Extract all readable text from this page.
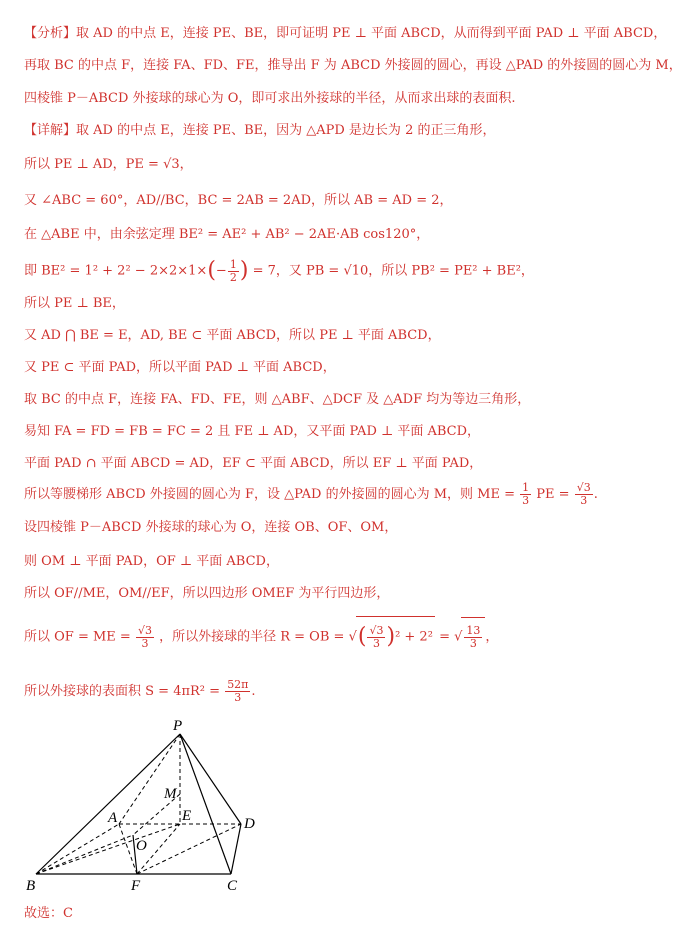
【分析】取 AD 的中点 E，连接 PE、BE，即可证明 PE ⊥ 平面 ABCD，从而得到平面 PAD ⊥ 平面 ABCD，
再取 BC 的中点 F，连接 FA、FD、FE，推导出 F 为 ABCD 外接圆的圆心，再设 △PAD 的外接圆的圆心为 M，
四棱锥 P－ABCD 外接球的球心为 O，即可求出外接球的半径，从而求出球的表面积.
【详解】取 AD 的中点 E，连接 PE、BE，因为 △APD 是边长为 2 的正三角形，
所以 PE ⊥ AD，PE = √3，
又 ∠ABC = 60°，AD//BC，BC = 2AB = 2AD，所以 AB = AD = 2，
在 △ABE 中，由余弦定理 BE² = AE² + AB² − 2AE·AB cos120°，
即 $BE^2 = 1^2 + 2^2 - 2\times 2\times 1\times(- \frac{1}{2}$ ) = 7，又 PB = √10，所以 PB² = PE² + BE²，
所以 PE ⊥ BE，
又 AD ⋂ BE = E，AD, BE ⊂ 平面 ABCD，所以 PE ⊥ 平面 ABCD，
又 PE ⊂ 平面 PAD，所以平面 PAD ⊥ 平面 ABCD，
取 BC 的中点 F，连接 FA、FD、FE，则 △ABF、△DCF 及 △ADF 均为等边三角形，
易知 FA = FD = FB = FC = 2 且 FE ⊥ AD，又平面 PAD ⊥ 平面 ABCD，
平面 PAD ∩ 平面 ABCD = AD，EF ⊂ 平面 ABCD，所以 EF ⊥ 平面 PAD，
所以等腰梯形 ABCD 外接圆的圆心为 F，设 △PAD 的外接圆的圆心为 M，则 ME = $\frac{1}{3}$ PE = $\frac{√3}{3}$ .
设四棱锥 P－ABCD 外接球的球心为 O，连接 OB、OF、OM，
则 OM ⊥ 平面 PAD，OF ⊥ 平面 ABCD，
所以 OF//ME，OM//EF，所以四边形 OMEF 为平行四边形，
所以 OF = ME = $\frac{√3}{3}$ ，所以外接球的半径 R = OB = √( $\frac{√3}{3} )^2 + 2^2$ = √ $\frac{13}{3}$ ，
所以外接球的表面积 $S = 4\pi R^2 = \frac{52\pi}{3}$ .
P
M
A	E	D
O
B	F	C
故选：C
